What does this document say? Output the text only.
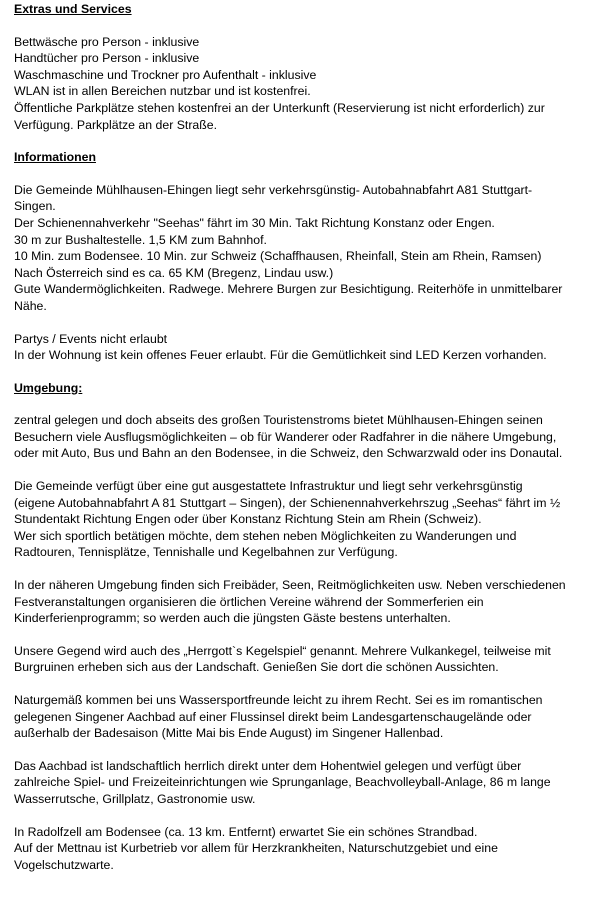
Extras und Services
Bettwäsche pro Person - inklusive
Handtücher pro Person - inklusive
Waschmaschine und Trockner pro Aufenthalt - inklusive
WLAN ist in allen Bereichen nutzbar und ist kostenfrei.
Öffentliche Parkplätze stehen kostenfrei an der Unterkunft (Reservierung ist nicht erforderlich) zur
Verfügung. Parkplätze an der Straße.
Informationen
Die Gemeinde Mühlhausen-Ehingen liegt sehr verkehrsgünstig- Autobahnabfahrt A81 Stuttgart-
Singen.
Der Schienennahverkehr "Seehas" fährt im 30 Min. Takt Richtung Konstanz oder Engen.
30 m zur Bushaltestelle. 1,5 KM zum Bahnhof.
10 Min. zum Bodensee. 10 Min. zur Schweiz (Schaffhausen, Rheinfall, Stein am Rhein, Ramsen)
Nach Österreich sind es ca. 65 KM (Bregenz, Lindau usw.)
Gute Wandermöglichkeiten. Radwege. Mehrere Burgen zur Besichtigung. Reiterhöfe in unmittelbarer
Nähe.
Partys / Events nicht erlaubt
In der Wohnung ist kein offenes Feuer erlaubt. Für die Gemütlichkeit sind LED Kerzen vorhanden.
Umgebung:
zentral gelegen und doch abseits des großen Touristenstroms bietet Mühlhausen-Ehingen seinen
Besuchern viele Ausflugsmöglichkeiten – ob für Wanderer oder Radfahrer in die nähere Umgebung,
oder mit Auto, Bus und Bahn an den Bodensee, in die Schweiz, den Schwarzwald oder ins Donautal.
Die Gemeinde verfügt über eine gut ausgestattete Infrastruktur und liegt sehr verkehrsgünstig
(eigene Autobahnabfahrt A 81 Stuttgart – Singen), der Schienennahverkehrszug „Seehas“ fährt im ½
Stundentakt Richtung Engen oder über Konstanz Richtung Stein am Rhein (Schweiz).
Wer sich sportlich betätigen möchte, dem stehen neben Möglichkeiten zu Wanderungen und
Radtouren, Tennisplätze, Tennishalle und Kegelbahnen zur Verfügung.
In der näheren Umgebung finden sich Freibäder, Seen, Reitmöglichkeiten usw. Neben verschiedenen
Festveranstaltungen organisieren die örtlichen Vereine während der Sommerferien ein
Kinderferienprogramm; so werden auch die jüngsten Gäste bestens unterhalten.
Unsere Gegend wird auch des „Herrgott`s Kegelspiel“ genannt. Mehrere Vulkankegel, teilweise mit
Burgruinen erheben sich aus der Landschaft. Genießen Sie dort die schönen Aussichten.
Naturgemäß kommen bei uns Wassersportfreunde leicht zu ihrem Recht. Sei es im romantischen
gelegenen Singener Aachbad auf einer Flussinsel direkt beim Landesgartenschaugelände oder
außerhalb der Badesaison (Mitte Mai bis Ende August) im Singener Hallenbad.
Das Aachbad ist landschaftlich herrlich direkt unter dem Hohentwiel gelegen und verfügt über
zahlreiche Spiel- und Freizeiteinrichtungen wie Sprunganlage, Beachvolleyball-Anlage, 86 m lange
Wasserrutsche, Grillplatz, Gastronomie usw.
In Radolfzell am Bodensee (ca. 13 km. Entfernt) erwartet Sie ein schönes Strandbad.
Auf der Mettnau ist Kurbetrieb vor allem für Herzkrankheiten, Naturschutzgebiet und eine
Vogelschutzwarte.
